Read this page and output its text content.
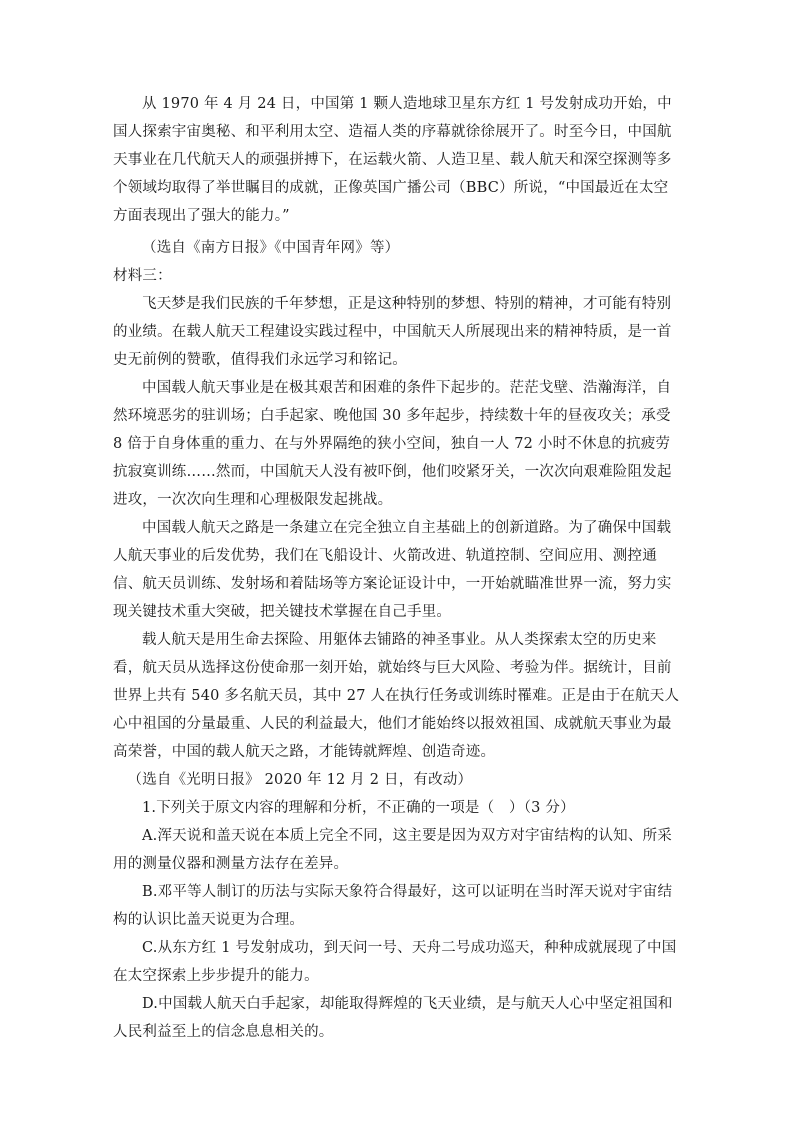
从 1970 年 4 月 24 日，中国第 1 颗人造地球卫星东方红 1 号发射成功开始，中国人探索宇宙奥秘、和平利用太空、造福人类的序幕就徐徐展开了。时至今日，中国航天事业在几代航天人的顽强拼搏下，在运载火箭、人造卫星、载人航天和深空探测等多个领域均取得了举世瞩目的成就，正像英国广播公司（BBC）所说，“中国最近在太空方面表现出了强大的能力。”

（选自《南方日报》《中国青年网》等）

材料三：

飞天梦是我们民族的千年梦想，正是这种特别的梦想、特别的精神，才可能有特别的业绩。在载人航天工程建设实践过程中，中国航天人所展现出来的精神特质，是一首史无前例的赞歌，值得我们永远学习和铭记。

中国载人航天事业是在极其艰苦和困难的条件下起步的。茫茫戈壁、浩瀚海洋，自然环境恶劣的驻训场；白手起家、晚他国 30 多年起步，持续数十年的昼夜攻关；承受 8 倍于自身体重的重力、在与外界隔绝的狭小空间，独自一人 72 小时不休息的抗疲劳抗寂寞训练……然而，中国航天人没有被吓倒，他们咬紧牙关，一次次向艰难险阻发起进攻，一次次向生理和心理极限发起挑战。

中国载人航天之路是一条建立在完全独立自主基础上的创新道路。为了确保中国载人航天事业的后发优势，我们在飞船设计、火箭改进、轨道控制、空间应用、测控通信、航天员训练、发射场和着陆场等方案论证设计中，一开始就瞄准世界一流，努力实现关键技术重大突破，把关键技术掌握在自己手里。

载人航天是用生命去探险、用躯体去铺路的神圣事业。从人类探索太空的历史来看，航天员从选择这份使命那一刻开始，就始终与巨大风险、考验为伴。据统计，目前世界上共有 540 多名航天员，其中 27 人在执行任务或训练时罹难。正是由于在航天人心中祖国的分量最重、人民的利益最大，他们才能始终以报效祖国、成就航天事业为最高荣誉，中国的载人航天之路，才能铸就辉煌、创造奇迹。

（选自《光明日报》 2020 年 12 月 2 日，有改动）

1.下列关于原文内容的理解和分析，不正确的一项是（　）（3 分）

A.浑天说和盖天说在本质上完全不同，这主要是因为双方对宇宙结构的认知、所采用的测量仪器和测量方法存在差异。

B.邓平等人制订的历法与实际天象符合得最好，这可以证明在当时浑天说对宇宙结构的认识比盖天说更为合理。

C.从东方红 1 号发射成功，到天问一号、天舟二号成功巡天，种种成就展现了中国在太空探索上步步提升的能力。

D.中国载人航天白手起家，却能取得辉煌的飞天业绩，是与航天人心中坚定祖国和人民利益至上的信念息息相关的。
